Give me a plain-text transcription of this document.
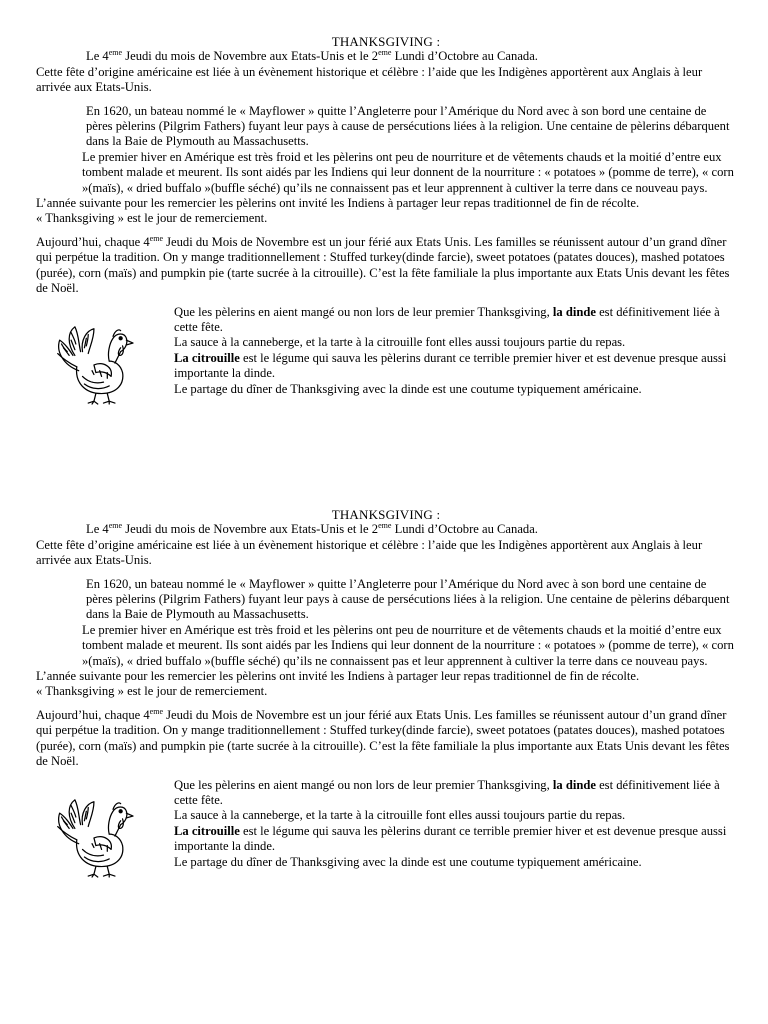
THANKSGIVING :

Le 4eme Jeudi du mois de Novembre aux Etats-Unis et le 2eme Lundi d’Octobre au Canada.

Cette fête d’origine américaine est liée à un évènement historique et célèbre : l’aide que les Indigènes apportèrent aux Anglais à leur arrivée aux Etats-Unis.

En 1620, un bateau nommé le « Mayflower » quitte l’Angleterre pour l’Amérique du Nord avec à son bord une centaine de pères pèlerins (Pilgrim Fathers) fuyant leur pays à cause de persécutions liées à la religion. Une centaine de pèlerins débarquent dans la Baie de Plymouth au Massachusetts.

Le premier hiver en Amérique est très froid et les pèlerins ont peu de nourriture et de vêtements chauds et la moitié d’entre eux tombent malade et meurent. Ils sont aidés par les Indiens qui leur donnent de la nourriture : « potatoes » (pomme de terre), « corn »(maïs), « dried buffalo »(buffle séché) qu’ils ne connaissent pas et leur apprennent à cultiver la terre dans ce nouveau pays.

L’année suivante pour les remercier les pèlerins ont invité les Indiens à partager leur repas traditionnel de fin de récolte.

« Thanksgiving » est le jour de remerciement.

Aujourd’hui, chaque 4eme Jeudi du Mois de Novembre est un jour férié aux Etats Unis. Les familles se réunissent autour d’un grand dîner qui perpétue la tradition. On y mange traditionnellement : Stuffed turkey(dinde farcie), sweet potatoes (patates douces), mashed potatoes (purée), corn (maïs) and pumpkin pie (tarte sucrée à la citrouille). C’est la fête familiale la plus importante aux Etats Unis devant les fêtes de Noël.

Que les pèlerins en aient mangé ou non lors de leur premier Thanksgiving, la dinde est définitivement liée à cette fête.

La sauce à la canneberge, et la tarte à la citrouille font elles aussi toujours partie du repas.

La citrouille est le légume qui sauva les pèlerins durant ce terrible premier hiver et est devenue presque aussi importante la dinde.

Le partage du dîner de Thanksgiving avec la dinde est une coutume typiquement américaine.

THANKSGIVING :

Le 4eme Jeudi du mois de Novembre aux Etats-Unis et le 2eme Lundi d’Octobre au Canada.

Cette fête d’origine américaine est liée à un évènement historique et célèbre : l’aide que les Indigènes apportèrent aux Anglais à leur arrivée aux Etats-Unis.

En 1620, un bateau nommé le « Mayflower » quitte l’Angleterre pour l’Amérique du Nord avec à son bord une centaine de pères pèlerins (Pilgrim Fathers) fuyant leur pays à cause de persécutions liées à la religion. Une centaine de pèlerins débarquent dans la Baie de Plymouth au Massachusetts.

Le premier hiver en Amérique est très froid et les pèlerins ont peu de nourriture et de vêtements chauds et la moitié d’entre eux tombent malade et meurent. Ils sont aidés par les Indiens qui leur donnent de la nourriture : « potatoes » (pomme de terre), « corn »(maïs), « dried buffalo »(buffle séché) qu’ils ne connaissent pas et leur apprennent à cultiver la terre dans ce nouveau pays.

L’année suivante pour les remercier les pèlerins ont invité les Indiens à partager leur repas traditionnel de fin de récolte.

« Thanksgiving » est le jour de remerciement.

Aujourd’hui, chaque 4eme Jeudi du Mois de Novembre est un jour férié aux Etats Unis. Les familles se réunissent autour d’un grand dîner qui perpétue la tradition. On y mange traditionnellement : Stuffed turkey(dinde farcie), sweet potatoes (patates douces), mashed potatoes (purée), corn (maïs) and pumpkin pie (tarte sucrée à la citrouille). C’est la fête familiale la plus importante aux Etats Unis devant les fêtes de Noël.

Que les pèlerins en aient mangé ou non lors de leur premier Thanksgiving, la dinde est définitivement liée à cette fête.

La sauce à la canneberge, et la tarte à la citrouille font elles aussi toujours partie du repas.

La citrouille est le légume qui sauva les pèlerins durant ce terrible premier hiver et est devenue presque aussi importante la dinde.

Le partage du dîner de Thanksgiving avec la dinde est une coutume typiquement américaine.
